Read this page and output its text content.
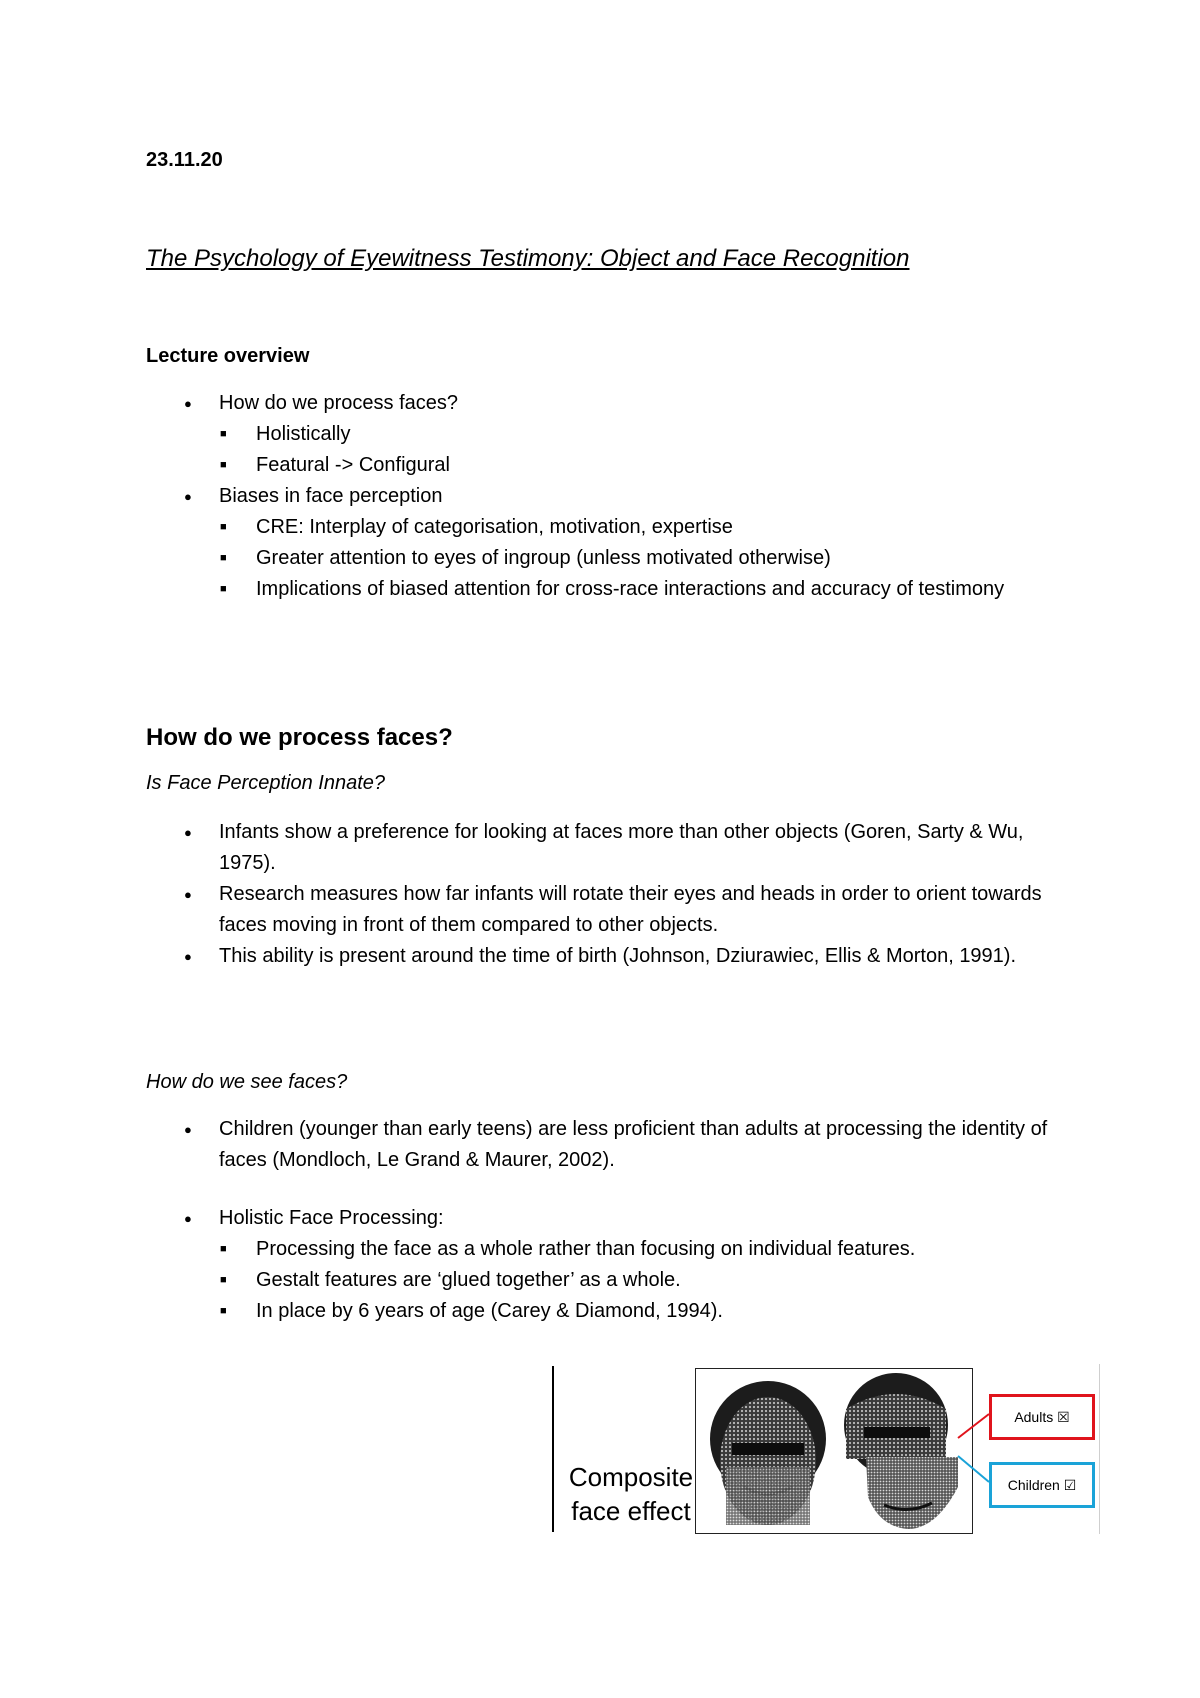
23.11.20
The Psychology of Eyewitness Testimony: Object and Face Recognition
Lecture overview
● How do we process faces?
■ Holistically
■ Featural -> Configural
● Biases in face perception
■ CRE: Interplay of categorisation, motivation, expertise
■ Greater attention to eyes of ingroup (unless motivated otherwise)
■ Implications of biased attention for cross-race interactions and accuracy of testimony
How do we process faces?
Is Face Perception Innate?
● Infants show a preference for looking at faces more than other objects (Goren, Sarty & Wu, 1975).
● Research measures how far infants will rotate their eyes and heads in order to orient towards faces moving in front of them compared to other objects.
● This ability is present around the time of birth (Johnson, Dziurawiec, Ellis & Morton, 1991).
How do we see faces?
● Children (younger than early teens) are less proficient than adults at processing the identity of faces (Mondloch, Le Grand & Maurer, 2002).
● Holistic Face Processing:
■ Processing the face as a whole rather than focusing on individual features.
■ Gestalt features are ‘glued together’ as a whole.
■ In place by 6 years of age (Carey & Diamond, 1994).
Composite
face effect
Adults ☒
Children ☑
